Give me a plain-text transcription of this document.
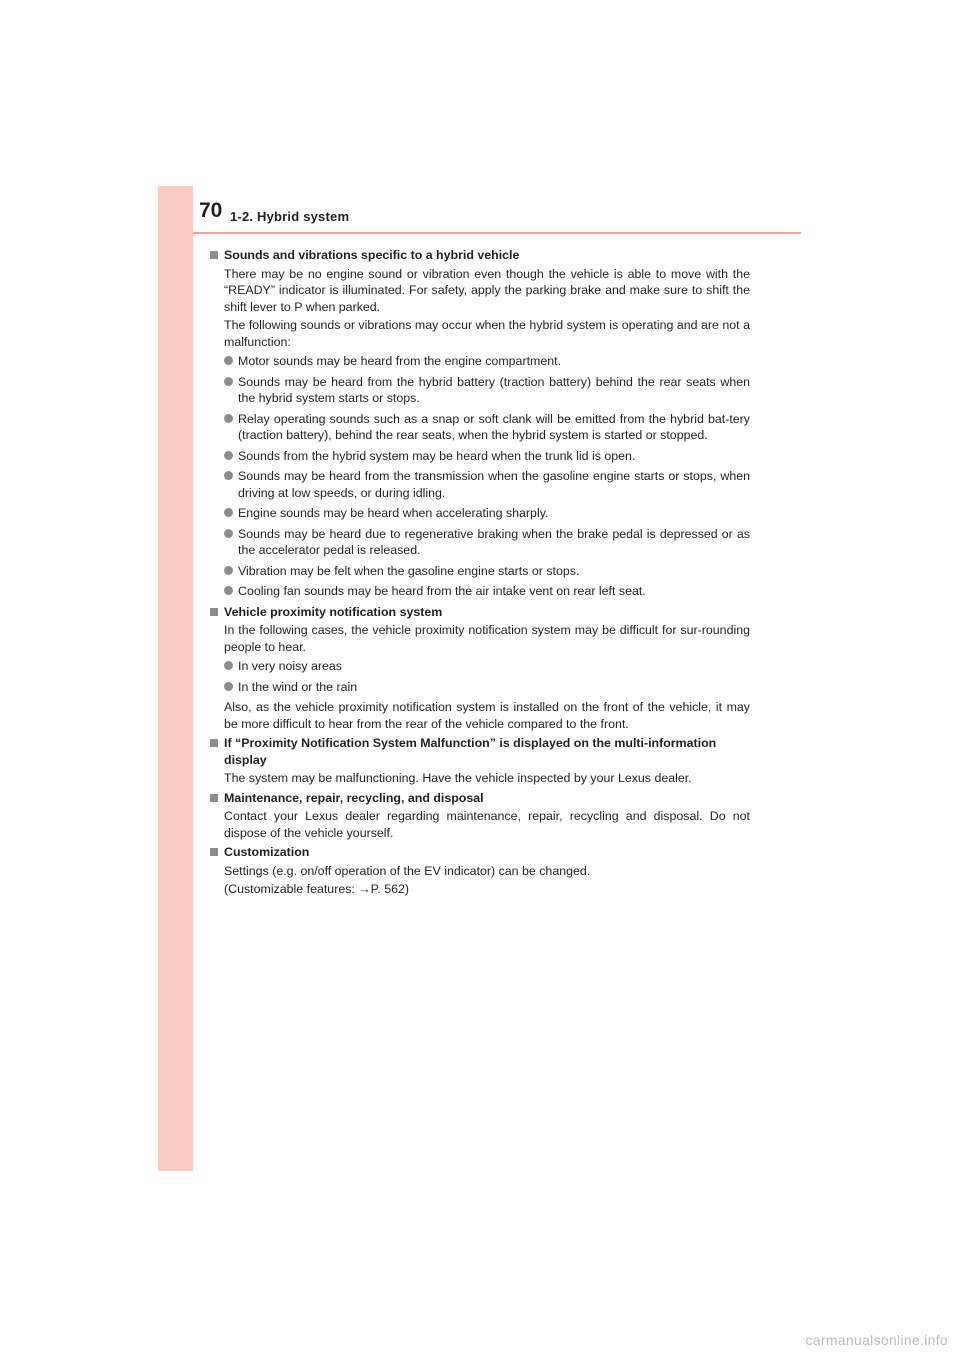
70 1-2. Hybrid system
Sounds and vibrations specific to a hybrid vehicle
There may be no engine sound or vibration even though the vehicle is able to move with the “READY” indicator is illuminated. For safety, apply the parking brake and make sure to shift the shift lever to P when parked.
The following sounds or vibrations may occur when the hybrid system is operating and are not a malfunction:
Motor sounds may be heard from the engine compartment.
Sounds may be heard from the hybrid battery (traction battery) behind the rear seats when the hybrid system starts or stops.
Relay operating sounds such as a snap or soft clank will be emitted from the hybrid bat-tery (traction battery), behind the rear seats, when the hybrid system is started or stopped.
Sounds from the hybrid system may be heard when the trunk lid is open.
Sounds may be heard from the transmission when the gasoline engine starts or stops, when driving at low speeds, or during idling.
Engine sounds may be heard when accelerating sharply.
Sounds may be heard due to regenerative braking when the brake pedal is depressed or as the accelerator pedal is released.
Vibration may be felt when the gasoline engine starts or stops.
Cooling fan sounds may be heard from the air intake vent on rear left seat.
Vehicle proximity notification system
In the following cases, the vehicle proximity notification system may be difficult for sur-rounding people to hear.
In very noisy areas
In the wind or the rain
Also, as the vehicle proximity notification system is installed on the front of the vehicle, it may be more difficult to hear from the rear of the vehicle compared to the front.
If “Proximity Notification System Malfunction” is displayed on the multi-information display
The system may be malfunctioning. Have the vehicle inspected by your Lexus dealer.
Maintenance, repair, recycling, and disposal
Contact your Lexus dealer regarding maintenance, repair, recycling and disposal. Do not dispose of the vehicle yourself.
Customization
Settings (e.g. on/off operation of the EV indicator) can be changed.
(Customizable features: →P. 562)
carmanualsonline.info
